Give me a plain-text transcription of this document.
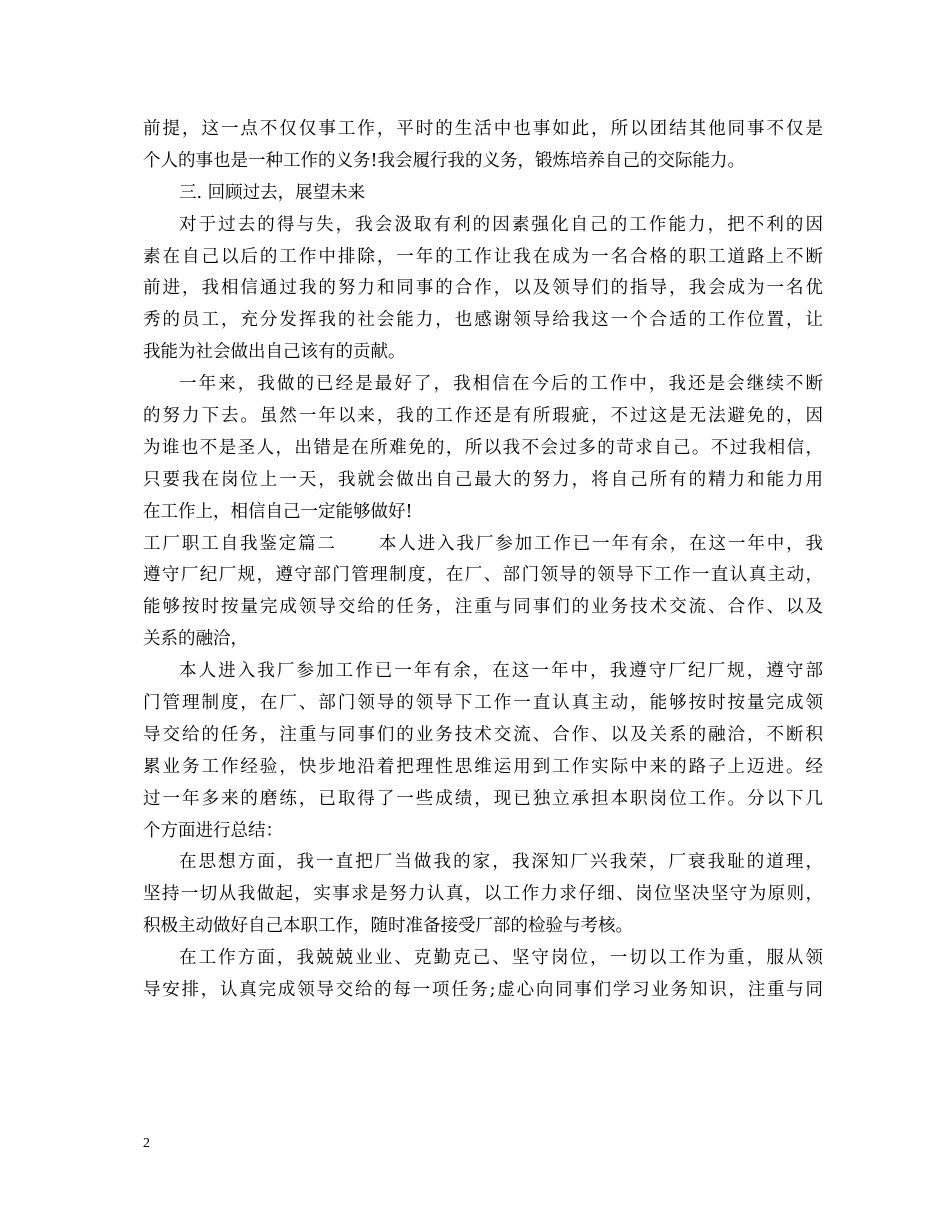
前提，这一点不仅仅事工作，平时的生活中也事如此，所以团结其他同事不仅是
个人的事也是一种工作的义务!我会履行我的义务，锻炼培养自己的交际能力。
三. 回顾过去，展望未来
对于过去的得与失，我会汲取有利的因素强化自己的工作能力，把不利的因
素在自己以后的工作中排除，一年的工作让我在成为一名合格的职工道路上不断
前进，我相信通过我的努力和同事的合作，以及领导们的指导，我会成为一名优
秀的员工，充分发挥我的社会能力，也感谢领导给我这一个合适的工作位置，让
我能为社会做出自己该有的贡献。
一年来，我做的已经是最好了，我相信在今后的工作中，我还是会继续不断
的努力下去。虽然一年以来，我的工作还是有所瑕疵，不过这是无法避免的，因
为谁也不是圣人，出错是在所难免的，所以我不会过多的苛求自己。不过我相信，
只要我在岗位上一天，我就会做出自己最大的努力，将自己所有的精力和能力用
在工作上，相信自己一定能够做好!
工厂职工自我鉴定篇二 本人进入我厂参加工作已一年有余，在这一年中，我
遵守厂纪厂规，遵守部门管理制度，在厂、部门领导的领导下工作一直认真主动，
能够按时按量完成领导交给的任务，注重与同事们的业务技术交流、合作、以及
关系的融洽，
本人进入我厂参加工作已一年有余，在这一年中，我遵守厂纪厂规，遵守部
门管理制度，在厂、部门领导的领导下工作一直认真主动，能够按时按量完成领
导交给的任务，注重与同事们的业务技术交流、合作、以及关系的融洽，不断积
累业务工作经验，快步地沿着把理性思维运用到工作实际中来的路子上迈进。经
过一年多来的磨练，已取得了一些成绩，现已独立承担本职岗位工作。分以下几
个方面进行总结：
在思想方面，我一直把厂当做我的家，我深知厂兴我荣，厂衰我耻的道理，
坚持一切从我做起，实事求是努力认真，以工作力求仔细、岗位坚决坚守为原则，
积极主动做好自己本职工作，随时准备接受厂部的检验与考核。
在工作方面，我兢兢业业、克勤克己、坚守岗位，一切以工作为重，服从领
导安排，认真完成领导交给的每一项任务;虚心向同事们学习业务知识，注重与同
2
